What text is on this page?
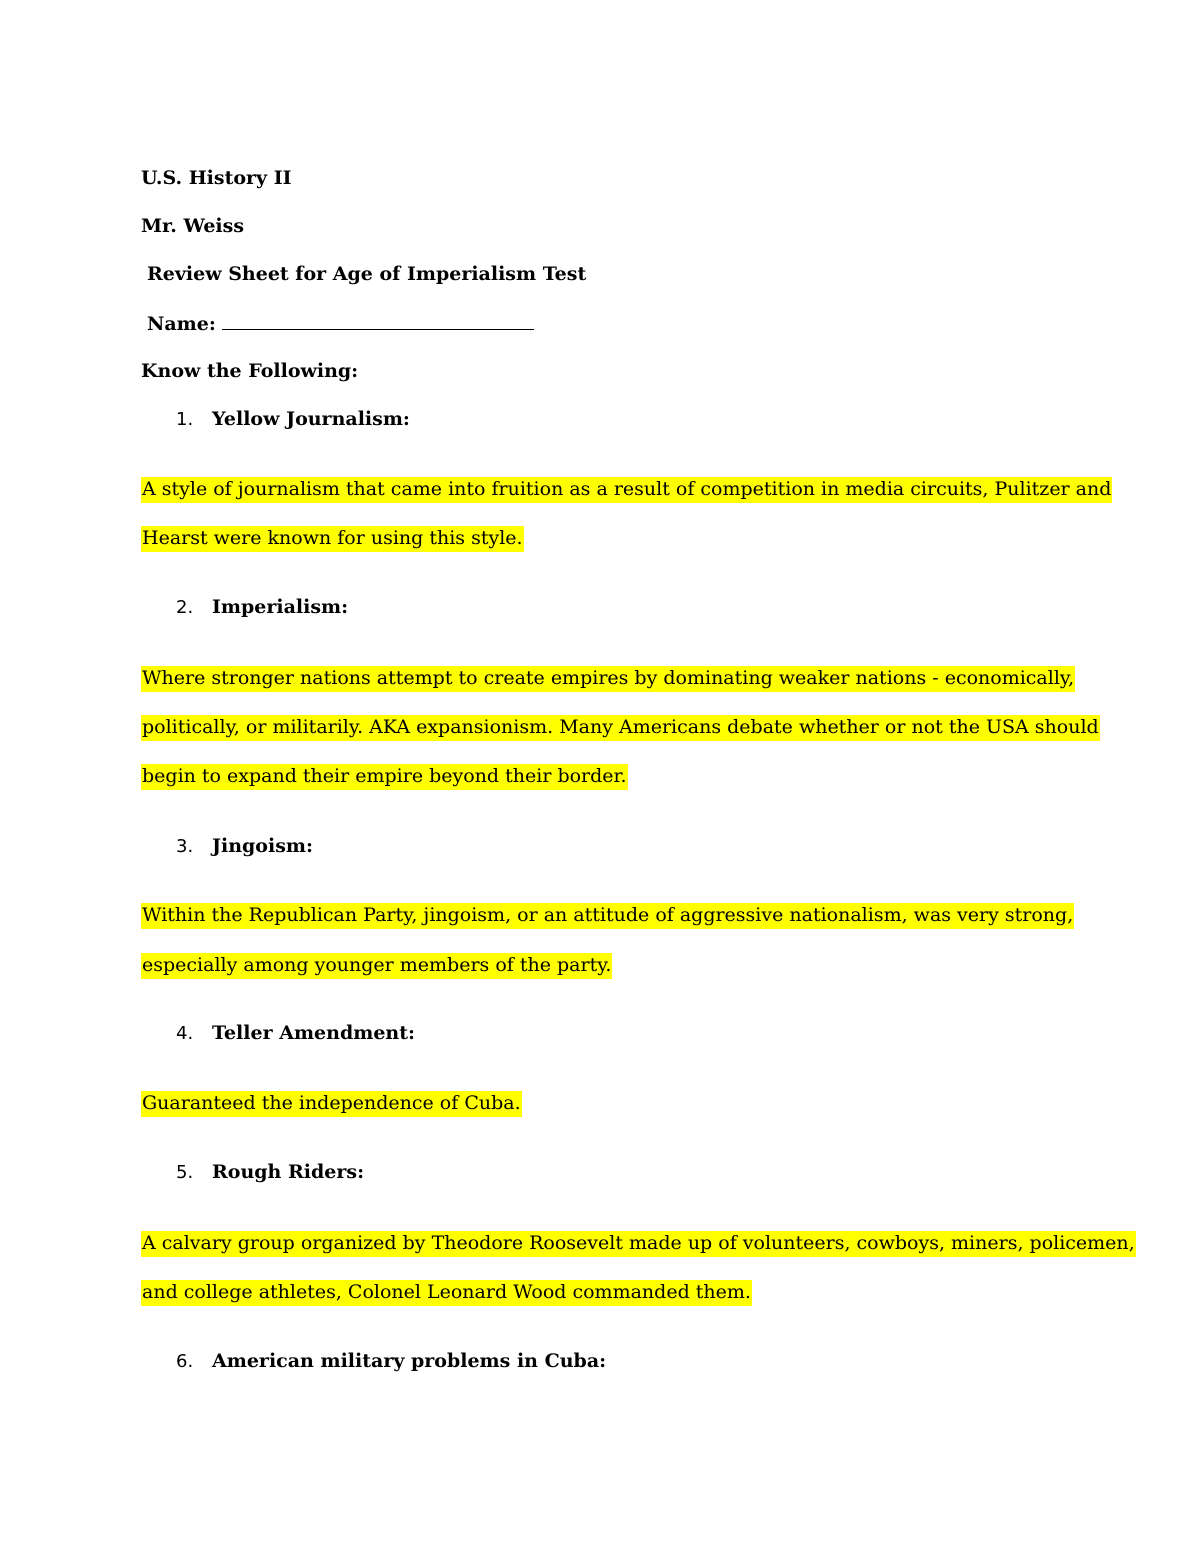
U.S. History II
Mr. Weiss
Review Sheet for Age of Imperialism Test
Name:
Know the Following:
1. Yellow Journalism:
A style of journalism that came into fruition as a result of competition in media circuits, Pulitzer and
Hearst were known for using this style.
2. Imperialism:
Where stronger nations attempt to create empires by dominating weaker nations - economically,
politically, or militarily. AKA expansionism. Many Americans debate whether or not the USA should
begin to expand their empire beyond their border.
3. Jingoism:
Within the Republican Party, jingoism, or an attitude of aggressive nationalism, was very strong,
especially among younger members of the party.
4. Teller Amendment:
Guaranteed the independence of Cuba.
5. Rough Riders:
A calvary group organized by Theodore Roosevelt made up of volunteers, cowboys, miners, policemen,
and college athletes, Colonel Leonard Wood commanded them.
6. American military problems in Cuba:
